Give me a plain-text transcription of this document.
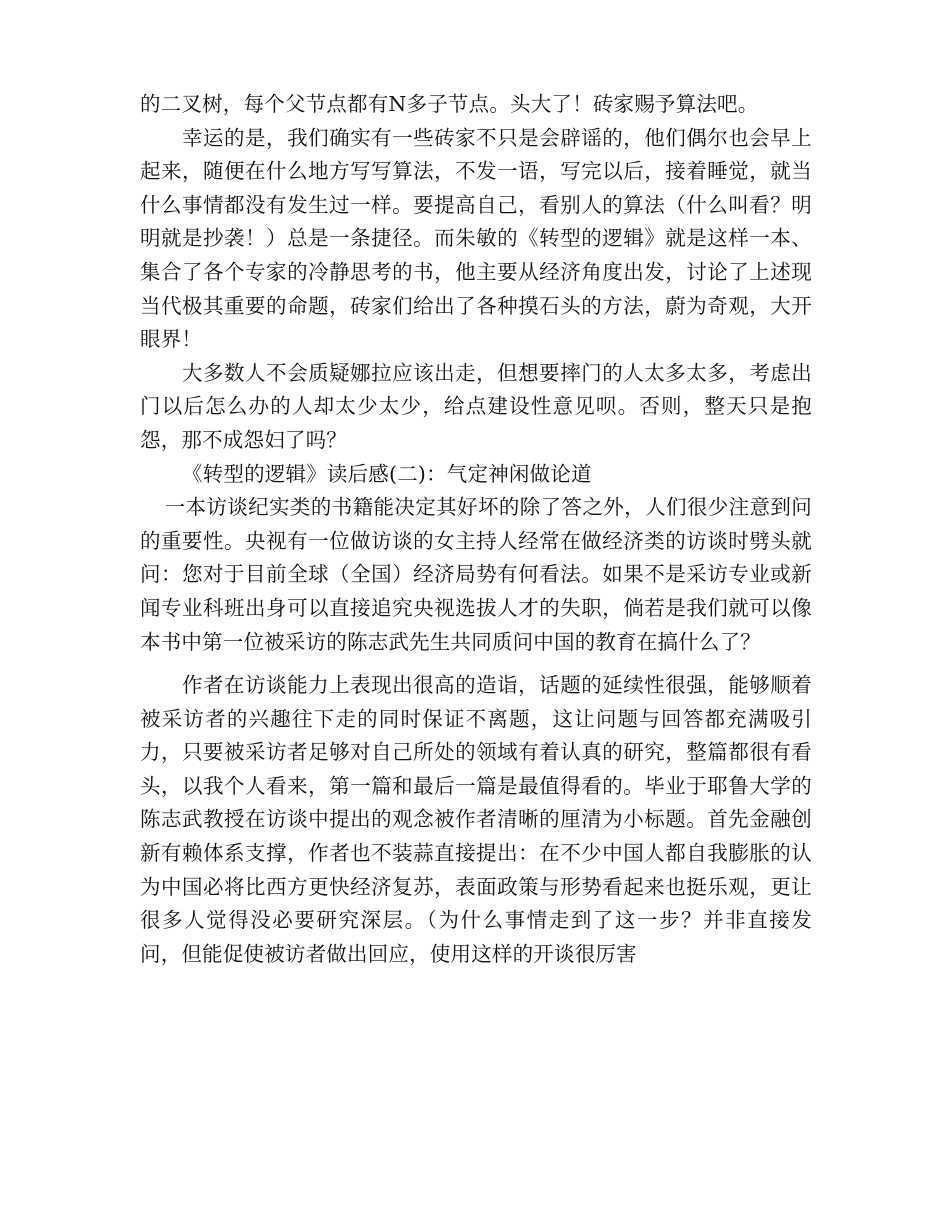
的二叉树，每个父节点都有N多子节点。头大了！砖家赐予算法吧。

幸运的是，我们确实有一些砖家不只是会辟谣的，他们偶尔也会早上起来，随便在什么地方写写算法，不发一语，写完以后，接着睡觉，就当什么事情都没有发生过一样。要提高自己，看别人的算法（什么叫看？明明就是抄袭！）总是一条捷径。而朱敏的《转型的逻辑》就是这样一本、集合了各个专家的冷静思考的书，他主要从经济角度出发，讨论了上述现当代极其重要的命题，砖家们给出了各种摸石头的方法，蔚为奇观，大开眼界！

大多数人不会质疑娜拉应该出走，但想要摔门的人太多太多，考虑出门以后怎么办的人却太少太少，给点建设性意见呗。否则，整天只是抱怨，那不成怨妇了吗？

《转型的逻辑》读后感(二)：气定神闲做论道

一本访谈纪实类的书籍能决定其好坏的除了答之外，人们很少注意到问的重要性。央视有一位做访谈的女主持人经常在做经济类的访谈时劈头就问：您对于目前全球（全国）经济局势有何看法。如果不是采访专业或新闻专业科班出身可以直接追究央视选拔人才的失职，倘若是我们就可以像本书中第一位被采访的陈志武先生共同质问中国的教育在搞什么了？

作者在访谈能力上表现出很高的造诣，话题的延续性很强，能够顺着被采访者的兴趣往下走的同时保证不离题，这让问题与回答都充满吸引力，只要被采访者足够对自己所处的领域有着认真的研究，整篇都很有看头，以我个人看来，第一篇和最后一篇是最值得看的。毕业于耶鲁大学的陈志武教授在访谈中提出的观念被作者清晰的厘清为小标题。首先金融创新有赖体系支撑，作者也不装蒜直接提出：在不少中国人都自我膨胀的认为中国必将比西方更快经济复苏，表面政策与形势看起来也挺乐观，更让很多人觉得没必要研究深层。（为什么事情走到了这一步？并非直接发问，但能促使被访者做出回应，使用这样的开谈很厉害
